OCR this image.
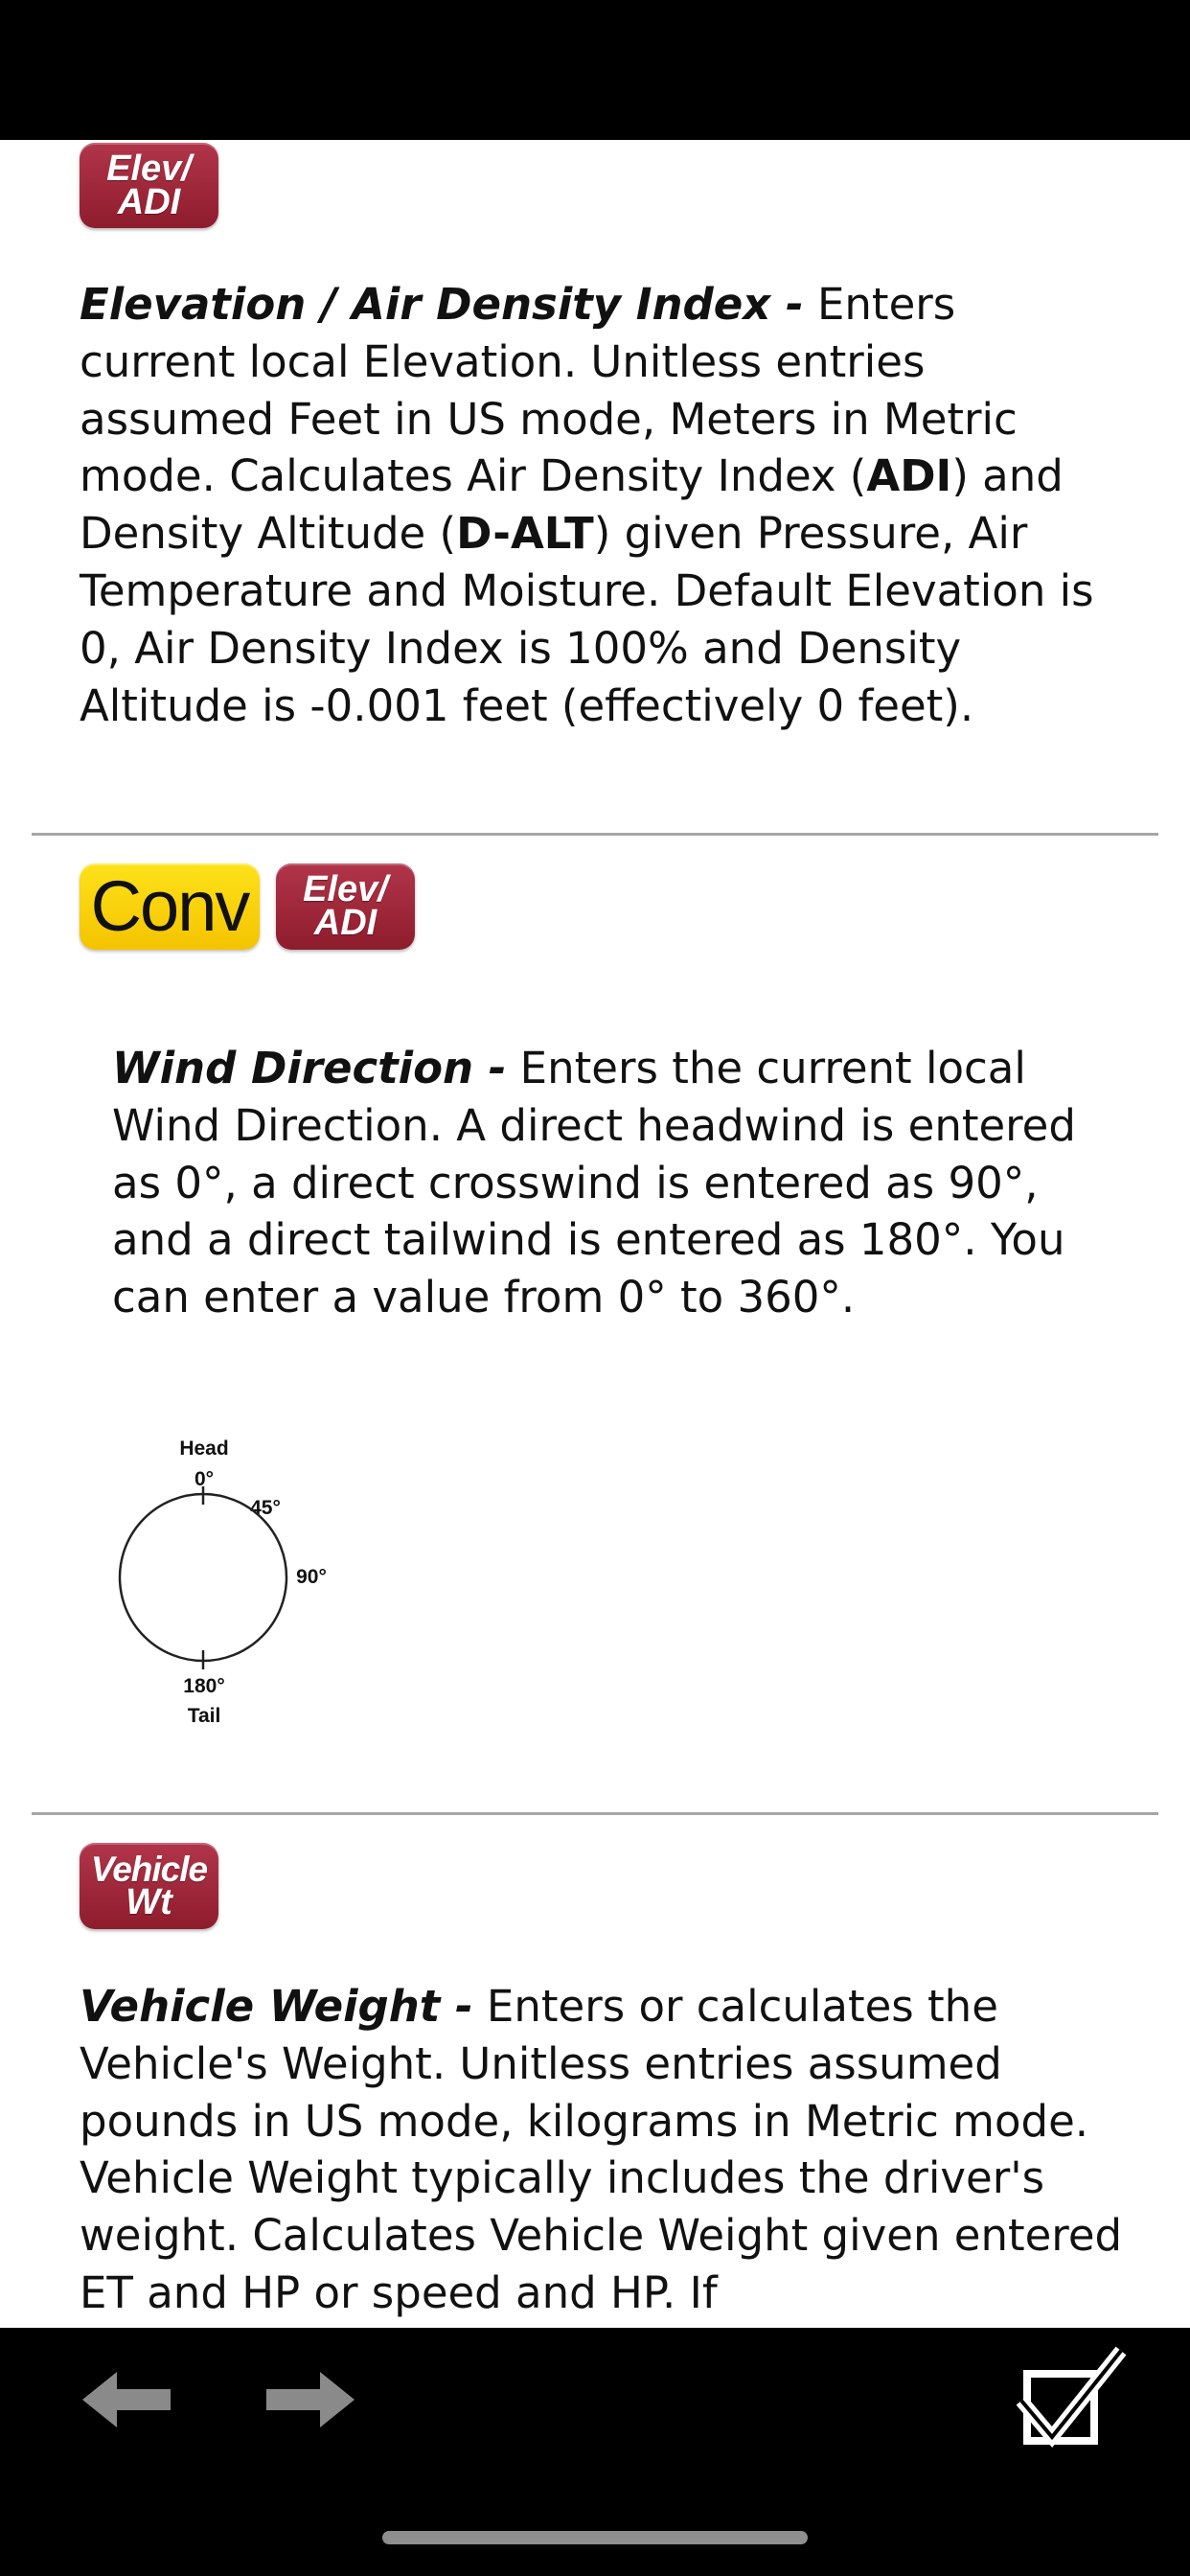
Elev/
ADI

Elevation / Air Density Index - Enters current local Elevation. Unitless entries assumed Feet in US mode, Meters in Metric mode. Calculates Air Density Index (ADI) and Density Altitude (D-ALT) given Pressure, Air Temperature and Moisture. Default Elevation is 0, Air Density Index is 100% and Density Altitude is -0.001 feet (effectively 0 feet).

Conv Elev/
ADI

Wind Direction - Enters the current local Wind Direction. A direct headwind is entered as 0°, a direct crosswind is entered as 90°, and a direct tailwind is entered as 180°. You can enter a value from 0° to 360°.

Head
0°
45°
90°
180°
Tail
Vehicle
Wt

Vehicle Weight - Enters or calculates the Vehicle's Weight. Unitless entries assumed pounds in US mode, kilograms in Metric mode. Vehicle Weight typically includes the driver's weight. Calculates Vehicle Weight given entered ET and HP or speed and HP. If
